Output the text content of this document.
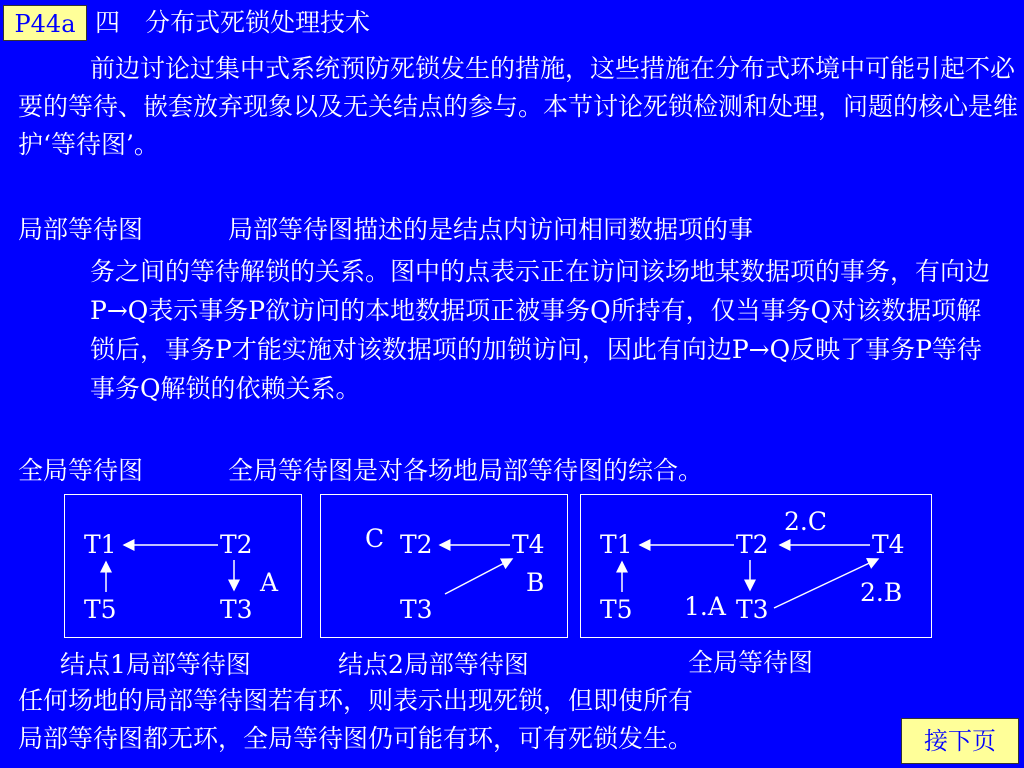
P44a 四　分布式死锁处理技术
前边讨论过集中式系统预防死锁发生的措施，这些措施在分布式环境中可能引起不必要的等待、嵌套放弃现象以及无关结点的参与。本节讨论死锁检测和处理，问题的核心是维护‘等待图’。
局部等待图	局部等待图描述的是结点内访问相同数据项的事
务之间的等待解锁的关系。图中的点表示正在访问该场地某数据项的事务，有向边P→Q表示事务P欲访问的本地数据项正被事务Q所持有，仅当事务Q对该数据项解锁后，事务P才能实施对该数据项的加锁访问，因此有向边P→Q反映了事务P等待事务Q解锁的依赖关系。
全局等待图	全局等待图是对各场地局部等待图的综合。
T1	T2
T5	T3
A
C T2	T4
B
T3
T1
2.C
T2	T4
2.B
T5 1.A T3
结点1局部等待图	结点2局部等待图	全局等待图
任何场地的局部等待图若有环，则表示出现死锁，但即使所有
局部等待图都无环，全局等待图仍可能有环，可有死锁发生。	接下页
